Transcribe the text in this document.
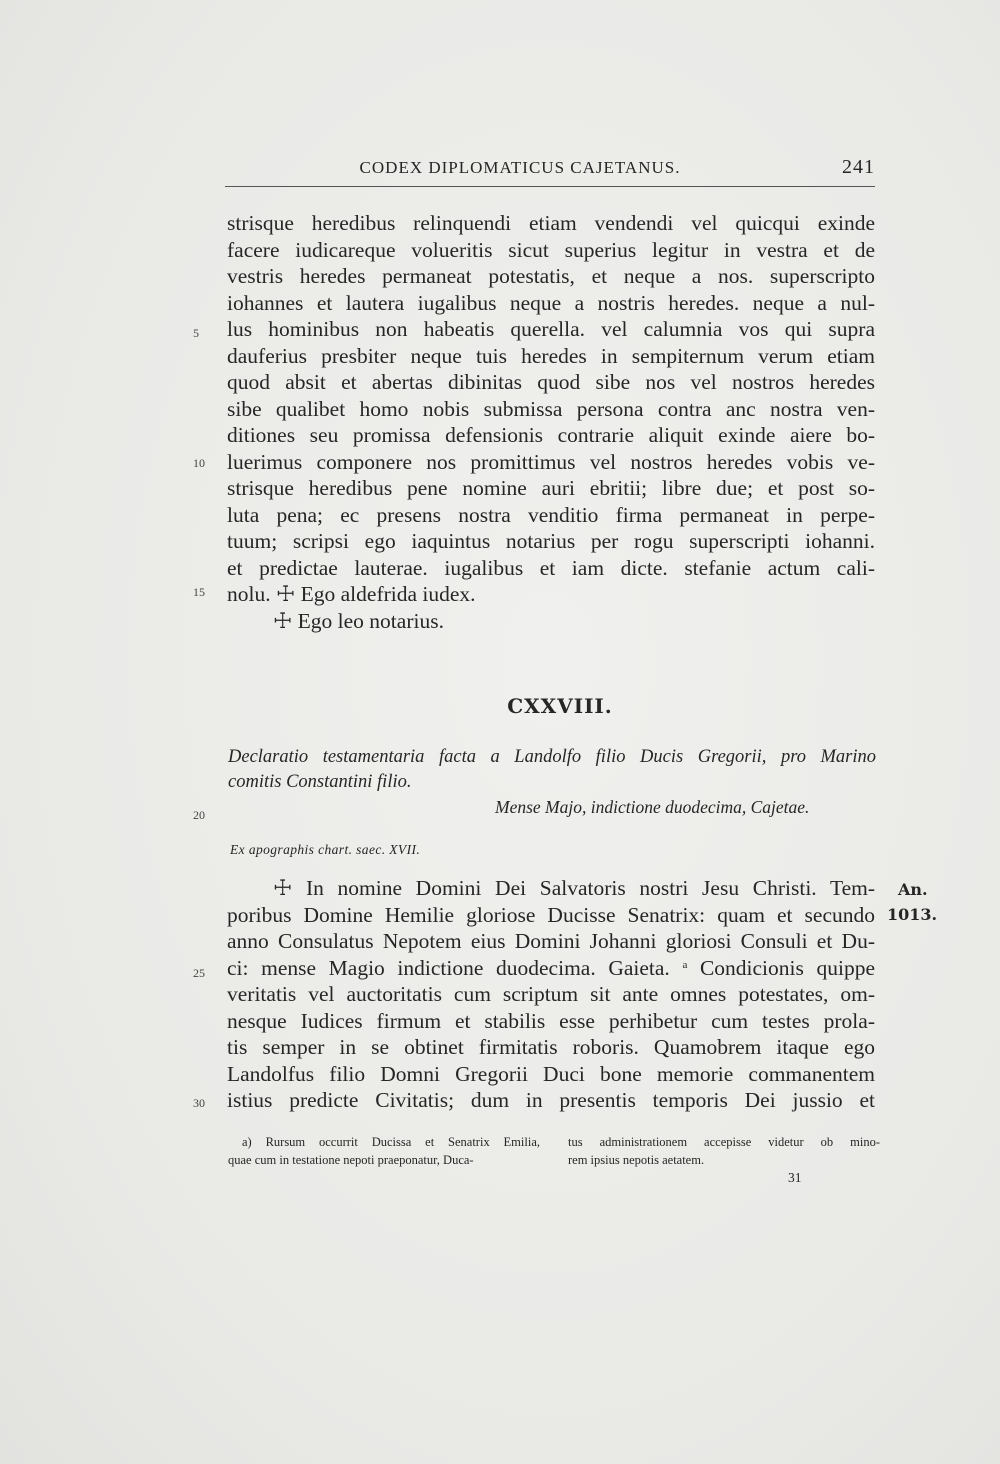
CODEX DIPLOMATICUS CAJETANUS.	241
strisque heredibus relinquendi etiam vendendi vel quicqui exinde
facere iudicareque volueritis sicut superius legitur in vestra et de
vestris heredes permaneat potestatis, et neque a nos. superscripto
iohannes et lautera iugalibus neque a nostris heredes. neque a nul-
lus hominibus non habeatis querella. vel calumnia vos qui supra
dauferius presbiter neque tuis heredes in sempiternum verum etiam
quod absit et abertas dibinitas quod sibe nos vel nostros heredes
sibe qualibet homo nobis submissa persona contra anc nostra ven-
ditiones seu promissa defensionis contrarie aliquit exinde aiere bo-
luerimus componere nos promittimus vel nostros heredes vobis ve-
strisque heredibus pene nomine auri ebritii; libre due; et post so-
luta pena; ec presens nostra venditio firma permaneat in perpe-
tuum; scripsi ego iaquintus notarius per rogu superscripti iohanni.
et predictae lauterae. iugalibus et iam dicte. stefanie actum cali-
nolu. ☩ Ego aldefrida iudex.
☩ Ego leo notarius.
5
10
15
20
25
30
CXXVIII.
Declaratio testamentaria facta a Landolfo filio Ducis Gregorii, pro Marino
comitis Constantini filio.
Mense Majo, indictione duodecima, Cajetae.
Ex apographis chart. saec. XVII.
An.
1013.
☩ In nomine Domini Dei Salvatoris nostri Jesu Christi. Tem-
poribus Domine Hemilie gloriose Ducisse Senatrix: quam et secundo
anno Consulatus Nepotem eius Domini Johanni gloriosi Consuli et Du-
ci: mense Magio indictione duodecima. Gaieta. $^a$ Condicionis quippe
veritatis vel auctoritatis cum scriptum sit ante omnes potestates, om-
nesque Iudices firmum et stabilis esse perhibetur cum testes prola-
tis semper in se obtinet firmitatis roboris. Quamobrem itaque ego
Landolfus filio Domni Gregorii Duci bone memorie commanentem
istius predicte Civitatis; dum in presentis temporis Dei jussio et
a) Rursum occurrit Ducissa et Senatrix Emilia,
quae cum in testatione nepoti praeponatur, Duca-
tus administrationem accepisse videtur ob mino-
rem ipsius nepotis aetatem.
31
